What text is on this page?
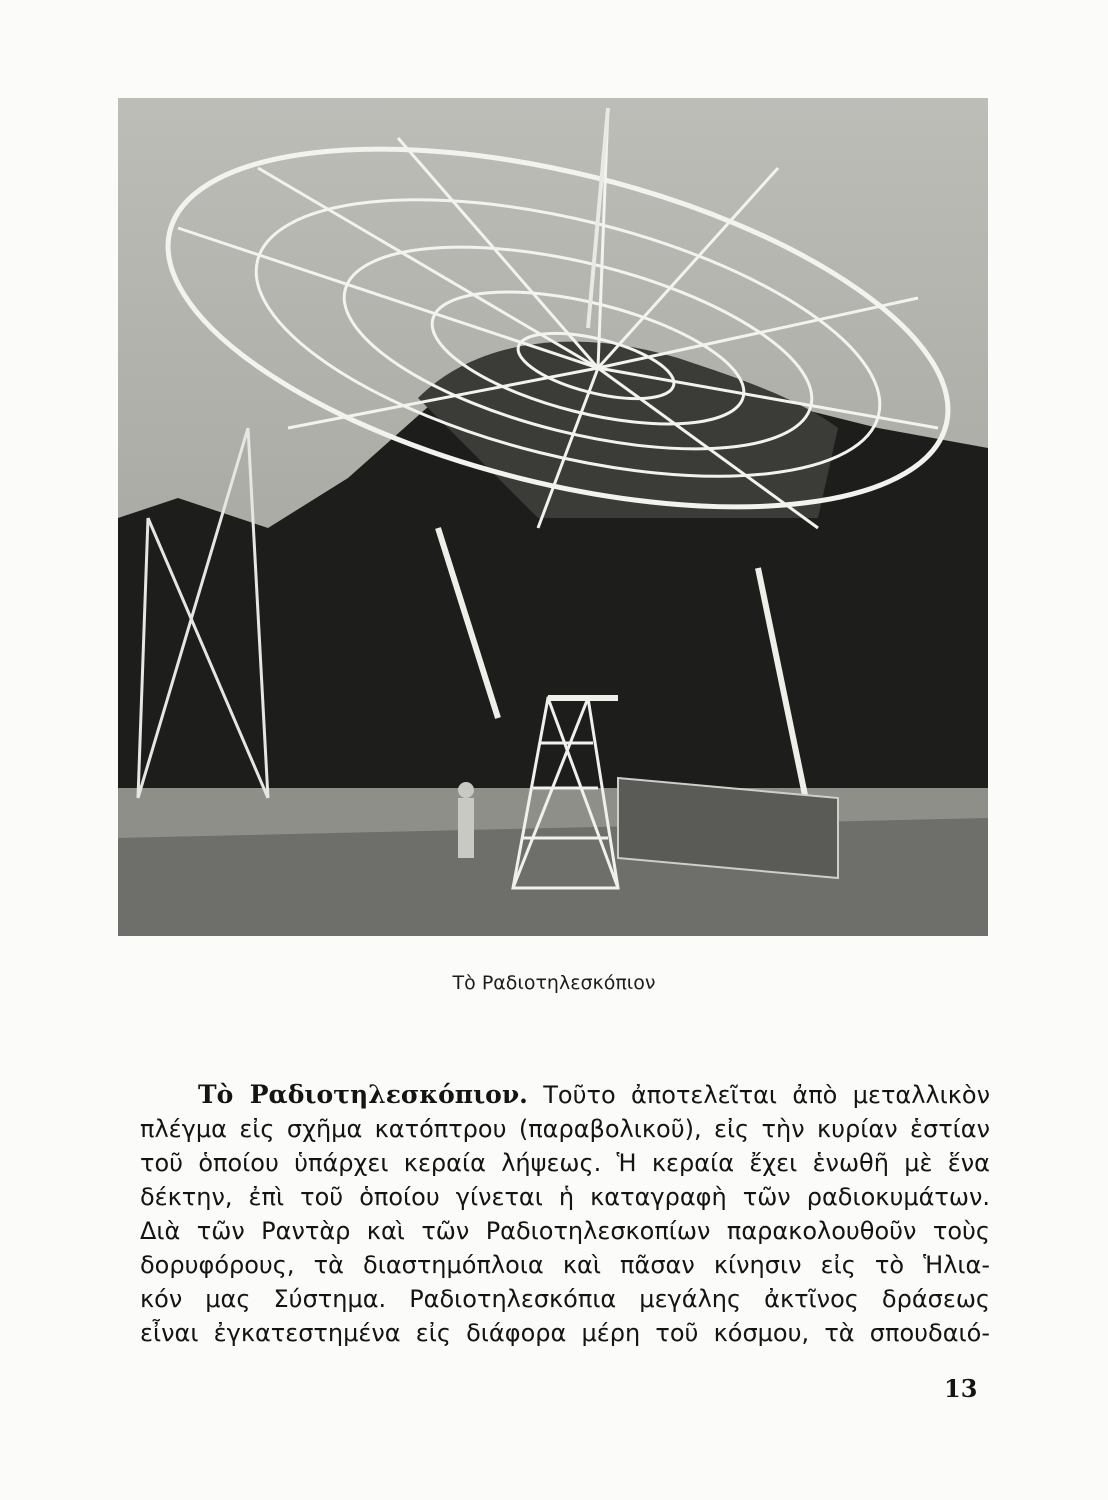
Τὸ Ραδιοτηλεσκόπιον
Τὸ Ραδιοτηλεσκόπιον. Τοῦτο ἀποτελεῖται ἀπὸ μεταλλικὸν
πλέγμα εἰς σχῆμα κατόπτρου (παραβολικοῦ), εἰς τὴν κυρίαν ἑστίαν
τοῦ ὁποίου ὑπάρχει κεραία λήψεως. Ἡ κεραία ἔχει ἑνωθῆ μὲ ἕνα
δέκτην, ἐπὶ τοῦ ὁποίου γίνεται ἡ καταγραφὴ τῶν ραδιοκυμάτων.
Διὰ τῶν Ραντὰρ καὶ τῶν Ραδιοτηλεσκοπίων παρακολουθοῦν τοὺς
δορυφόρους, τὰ διαστημόπλοια καὶ πᾶσαν κίνησιν εἰς τὸ Ἡλια-
κόν μας Σύστημα. Ραδιοτηλεσκόπια μεγάλης ἀκτῖνος δράσεως
εἶναι ἐγκατεστημένα εἰς διάφορα μέρη τοῦ κόσμου, τὰ σπουδαιό-
13
